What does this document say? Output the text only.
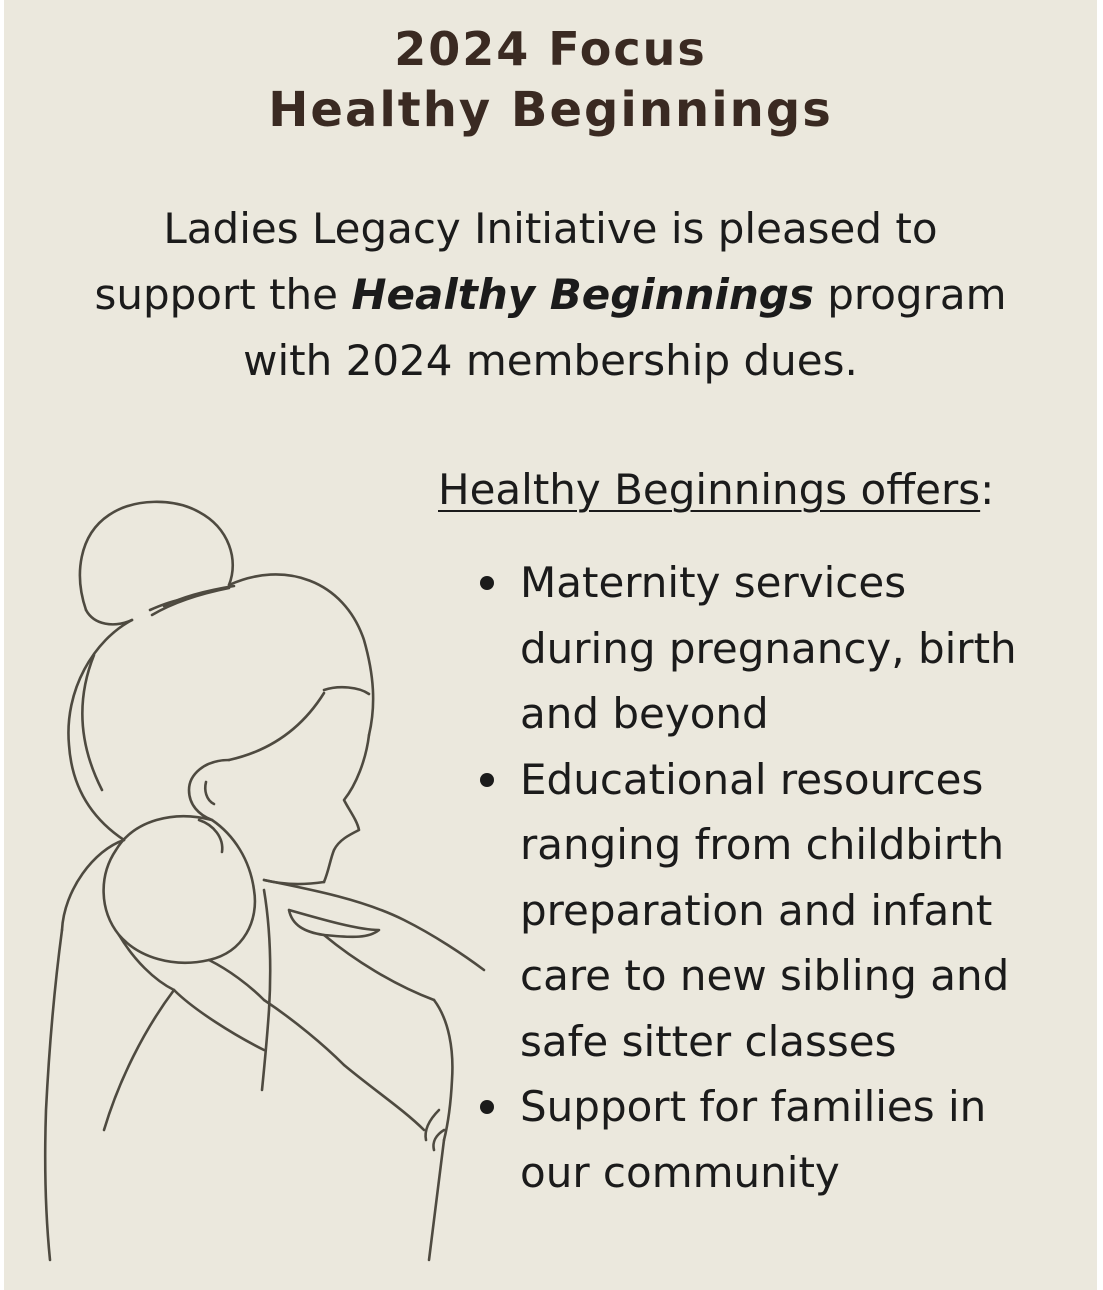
2024 Focus
Healthy Beginnings
Ladies Legacy Initiative is pleased to
support the Healthy Beginnings program
with 2024 membership dues.
Healthy Beginnings offers:
Maternity services
during pregnancy, birth
and beyond
Educational resources
ranging from childbirth
preparation and infant
care to new sibling and
safe sitter classes
Support for families in
our community
